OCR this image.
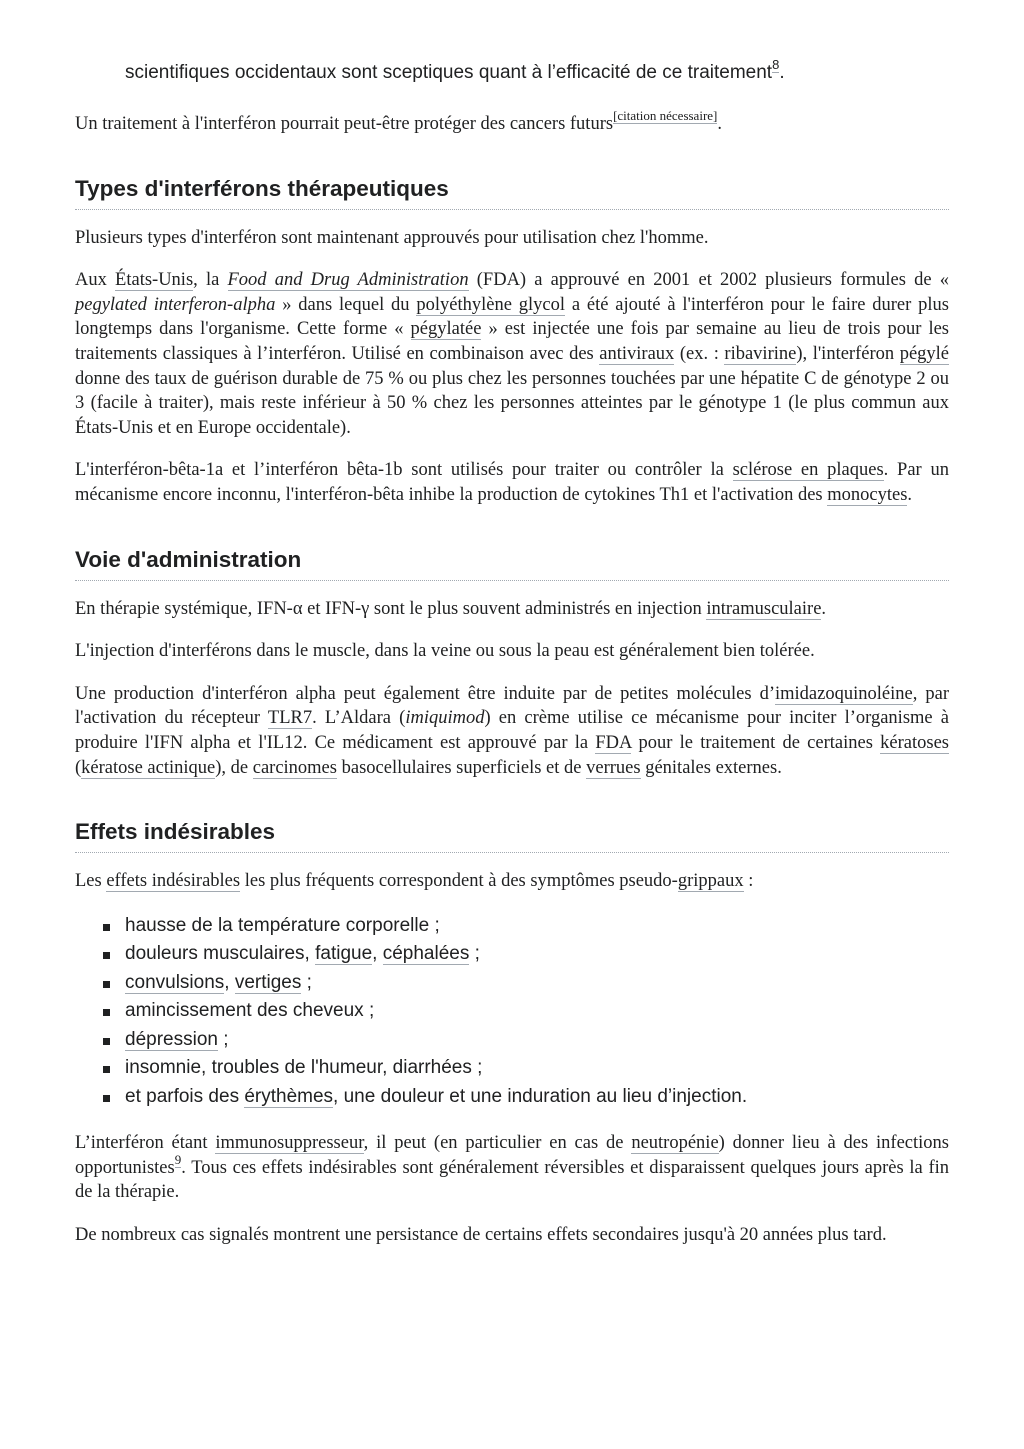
scientifiques occidentaux sont sceptiques quant à l’efficacité de ce traitement$^8$.

Un traitement à l'interféron pourrait peut-être protéger des cancers futurs[citation nécessaire].

Types d'interférons thérapeutiques

Plusieurs types d'interféron sont maintenant approuvés pour utilisation chez l'homme.

Aux États-Unis, la Food and Drug Administration (FDA) a approuvé en 2001 et 2002 plusieurs formules de « pegylated interferon-alpha » dans lequel du polyéthylène glycol a été ajouté à l'interféron pour le faire durer plus longtemps dans l'organisme. Cette forme « pégylatée » est injectée une fois par semaine au lieu de trois pour les traitements classiques à l’interféron. Utilisé en combinaison avec des antiviraux (ex. : ribavirine), l'interféron pégylé donne des taux de guérison durable de 75 % ou plus chez les personnes touchées par une hépatite C de génotype 2 ou 3 (facile à traiter), mais reste inférieur à 50 % chez les personnes atteintes par le génotype 1 (le plus commun aux États-Unis et en Europe occidentale).

L'interféron-bêta-1a et l’interféron bêta-1b sont utilisés pour traiter ou contrôler la sclérose en plaques. Par un mécanisme encore inconnu, l'interféron-bêta inhibe la production de cytokines Th1 et l'activation des monocytes.

Voie d'administration

En thérapie systémique, IFN-α et IFN-γ sont le plus souvent administrés en injection intramusculaire.

L'injection d'interférons dans le muscle, dans la veine ou sous la peau est généralement bien tolérée.

Une production d'interféron alpha peut également être induite par de petites molécules d’imidazoquinoléine, par l'activation du récepteur TLR7. L’Aldara (imiquimod) en crème utilise ce mécanisme pour inciter l’organisme à produire l'IFN alpha et l'IL12. Ce médicament est approuvé par la FDA pour le traitement de certaines kératoses (kératose actinique), de carcinomes basocellulaires superficiels et de verrues génitales externes.

Effets indésirables

Les effets indésirables les plus fréquents correspondent à des symptômes pseudo-grippaux :

hausse de la température corporelle ;
douleurs musculaires, fatigue, céphalées ;
convulsions, vertiges ;
amincissement des cheveux ;
dépression ;
insomnie, troubles de l'humeur, diarrhées ;
et parfois des érythèmes, une douleur et une induration au lieu d’injection.

L’interféron étant immunosuppresseur, il peut (en particulier en cas de neutropénie) donner lieu à des infections opportunistes$^9$. Tous ces effets indésirables sont généralement réversibles et disparaissent quelques jours après la fin de la thérapie.

De nombreux cas signalés montrent une persistance de certains effets secondaires jusqu'à 20 années plus tard.
